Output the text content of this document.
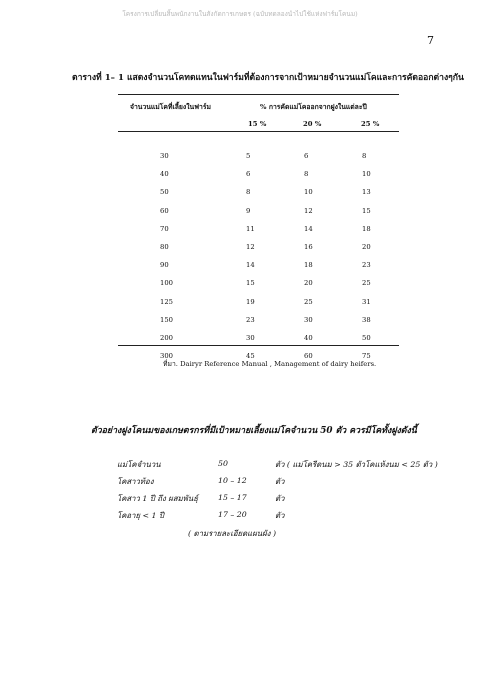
โครงการเปลี่ยนสิ้นพนักงานในสังกัดการเกษตร (ฉบับทดลองนำไปใช้แห่งฟาร์มโคนม)
7
ตารางที่ 1– 1 แสดงจำนวนโคทดแทนในฟาร์มที่ต้องการจากเป้าหมายจำนวนแม่โคและการคัดออกต่างๆกัน
จำนวนแม่โคที่เลี้ยงในฟาร์ม	% การคัดแม่โคออกจากฝูงในแต่ละปี
15 %	20 %	25 %
30	5	6	8
40	6	8	10
50	8	10	13
60	9	12	15
70	11	14	18
80	12	16	20
90	14	18	23
100	15	20	25
125	19	25	31
150	23	30	38
200	30	40	50
300	45	60	75
ที่มา. Dairyr Reference Manual , Management of dairy heifers.
ตัวอย่างฝูงโคนมของเกษตรกรที่มีเป้าหมายเลี้ยงแม่โคจำนวน 50 ตัว ควรมีโคทั้งฝูงดังนี้
แม่โคจำนวน	50	ตัว ( แม่โครีดนม > 35 ตัวโคแห้งนม < 25 ตัว )
โคสาวท้อง	10 – 12	ตัว
โคสาว 1 ปี ถึง ผสมพันธุ์	15 – 17	ตัว
โคอายุ < 1 ปี	17 – 20	ตัว
( ตามรายละเอียดแผนผัง )
